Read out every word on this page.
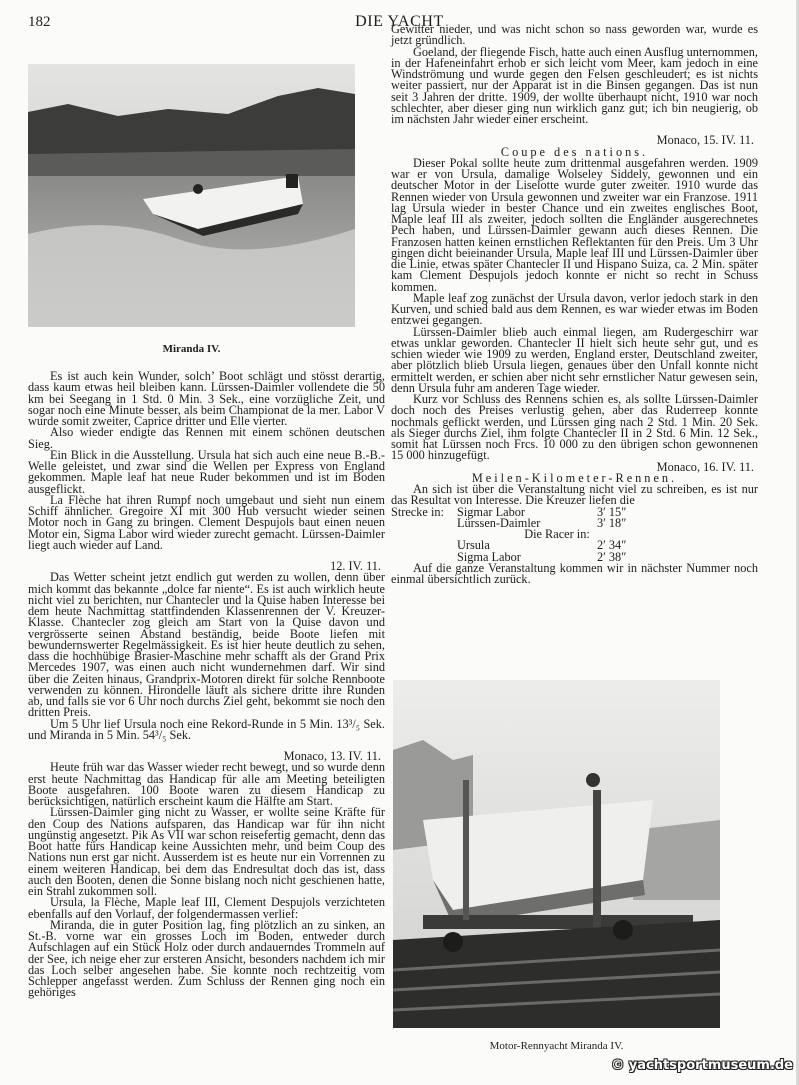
182	DIE YACHT
Miranda IV.
Motor-Rennyacht Miranda IV.

Es ist auch kein Wunder, solch’ Boot schlägt und stösst derartig, dass kaum etwas heil bleiben kann. Lürssen-Daimler vollendete die 50 km bei Seegang in 1 Std. 0 Min. 3 Sek., eine vorzügliche Zeit, und sogar noch eine Minute besser, als beim Championat de la mer. Labor V wurde somit zweiter, Caprice dritter und Elle vierter.

Also wieder endigte das Rennen mit einem schönen deutschen Sieg.

Ein Blick in die Ausstellung. Ursula hat sich auch eine neue B.-B.-Welle geleistet, und zwar sind die Wellen per Express von England gekommen. Maple leaf hat neue Ruder bekommen und ist im Boden ausgeflickt.

La Flèche hat ihren Rumpf noch umgebaut und sieht nun einem Schiff ähnlicher. Gregoire XI mit 300 Hub versucht wieder seinen Motor noch in Gang zu bringen. Clement Despujols baut einen neuen Motor ein, Sigma Labor wird wieder zurecht gemacht. Lürssen-Daimler liegt auch wieder auf Land.

12. IV. 11.

Das Wetter scheint jetzt endlich gut werden zu wollen, denn über mich kommt das bekannte „dolce far niente“. Es ist auch wirklich heute nicht viel zu berichten, nur Chantecler und la Quise haben Interesse bei dem heute Nachmittag stattfindenden Klassenrennen der V. Kreuzer-Klasse. Chantecler zog gleich am Start von la Quise davon und vergrösserte seinen Abstand beständig, beide Boote liefen mit bewundernswerter Regelmässigkeit. Es ist hier heute deutlich zu sehen, dass die hochhübige Brasier-Maschine mehr schafft als der Grand Prix Mercedes 1907, was einen auch nicht wundernehmen darf. Wir sind über die Zeiten hinaus, Grandprix-Motoren direkt für solche Rennboote verwenden zu können. Hirondelle läuft als sichere dritte ihre Runden ab, und falls sie vor 6 Uhr noch durchs Ziel geht, bekommt sie noch den dritten Preis.

Um 5 Uhr lief Ursula noch eine Rekord-Runde in 5 Min. 13³/₅ Sek. und Miranda in 5 Min. 54³/₅ Sek.

Monaco, 13. IV. 11.

Heute früh war das Wasser wieder recht bewegt, und so wurde denn erst heute Nachmittag das Handicap für alle am Meeting beteiligten Boote ausgefahren. 100 Boote waren zu diesem Handicap zu berücksichtigen, natürlich erscheint kaum die Hälfte am Start.

Lürssen-Daimler ging nicht zu Wasser, er wollte seine Kräfte für den Coup des Nations aufsparen, das Handicap war für ihn nicht ungünstig angesetzt. Pik As VII war schon reisefertig gemacht, denn das Boot hatte fürs Handicap keine Aussichten mehr, und beim Coup des Nations nun erst gar nicht. Ausserdem ist es heute nur ein Vorrennen zu einem weiteren Handicap, bei dem das Endresultat doch das ist, dass auch den Booten, denen die Sonne bislang noch nicht geschienen hatte, ein Strahl zukommen soll.

Ursula, la Flèche, Maple leaf III, Clement Despujols verzichteten ebenfalls auf den Vorlauf, der folgendermassen verlief:

Miranda, die in guter Position lag, fing plötzlich an zu sinken, an St.-B. vorne war ein grosses Loch im Boden, entweder durch Aufschlagen auf ein Stück Holz oder durch andauerndes Trommeln auf der See, ich neige eher zur ersteren Ansicht, besonders nachdem ich mir das Loch selber angesehen habe. Sie konnte noch rechtzeitig vom Schlepper angefasst werden. Zum Schluss der Rennen ging noch ein gehöriges

Gewitter nieder, und was nicht schon so nass geworden war, wurde es jetzt gründlich.

Goeland, der fliegende Fisch, hatte auch einen Ausflug unternommen, in der Hafeneinfahrt erhob er sich leicht vom Meer, kam jedoch in eine Windströmung und wurde gegen den Felsen geschleudert; es ist nichts weiter passiert, nur der Apparat ist in die Binsen gegangen. Das ist nun seit 3 Jahren der dritte. 1909, der wollte überhaupt nicht, 1910 war noch schlechter, aber dieser ging nun wirklich ganz gut; ich bin neugierig, ob im nächsten Jahr wieder einer erscheint.

Monaco, 15. IV. 11.
Coupe des nations.

Dieser Pokal sollte heute zum drittenmal ausgefahren werden. 1909 war er von Ursula, damalige Wolseley Siddely, gewonnen und ein deutscher Motor in der Liselotte wurde guter zweiter. 1910 wurde das Rennen wieder von Ursula gewonnen und zweiter war ein Franzose. 1911 lag Ursula wieder in bester Chance und ein zweites englisches Boot, Maple leaf III als zweiter, jedoch sollten die Engländer ausgerechnetes Pech haben, und Lürssen-Daimler gewann auch dieses Rennen. Die Franzosen hatten keinen ernstlichen Reflektanten für den Preis. Um 3 Uhr gingen dicht beieinander Ursula, Maple leaf III und Lürssen-Daimler über die Linie, etwas später Chantecler II und Hispano Suiza, ca. 2 Min. später kam Clement Despujols jedoch konnte er nicht so recht in Schuss kommen.

Maple leaf zog zunächst der Ursula davon, verlor jedoch stark in den Kurven, und schied bald aus dem Rennen, es war wieder etwas im Boden entzwei gegangen.

Lürssen-Daimler blieb auch einmal liegen, am Rudergeschirr war etwas unklar geworden. Chantecler II hielt sich heute sehr gut, und es schien wieder wie 1909 zu werden, England erster, Deutschland zweiter, aber plötzlich blieb Ursula liegen, genaues über den Unfall konnte nicht ermittelt werden, er schien aber nicht sehr ernstlicher Natur gewesen sein, denn Ursula fuhr am anderen Tage wieder.

Kurz vor Schluss des Rennens schien es, als sollte Lürssen-Daimler doch noch des Preises verlustig gehen, aber das Ruderreep konnte nochmals geflickt werden, und Lürssen ging nach 2 Std. 1 Min. 20 Sek. als Sieger durchs Ziel, ihm folgte Chantecler II in 2 Std. 6 Min. 12 Sek., somit hat Lürssen noch Frcs. 10 000 zu den übrigen schon gewonnenen 15 000 hinzugefügt.

Monaco, 16. IV. 11.
Meilen-Kilometer-Rennen.

An sich ist über die Veranstaltung nicht viel zu schreiben, es ist nur das Resultat von Interesse. Die Kreuzer liefen die

Strecke in:	Sigmar Labor	3′ 15″
Lürssen-Daimler	3′ 18″
Die Racer in:
Ursula	2′ 34″
Sigma Labor	2′ 38″

Auf die ganze Veranstaltung kommen wir in nächster Nummer noch einmal übersichtlich zurück.

© yachtsportmuseum.de
